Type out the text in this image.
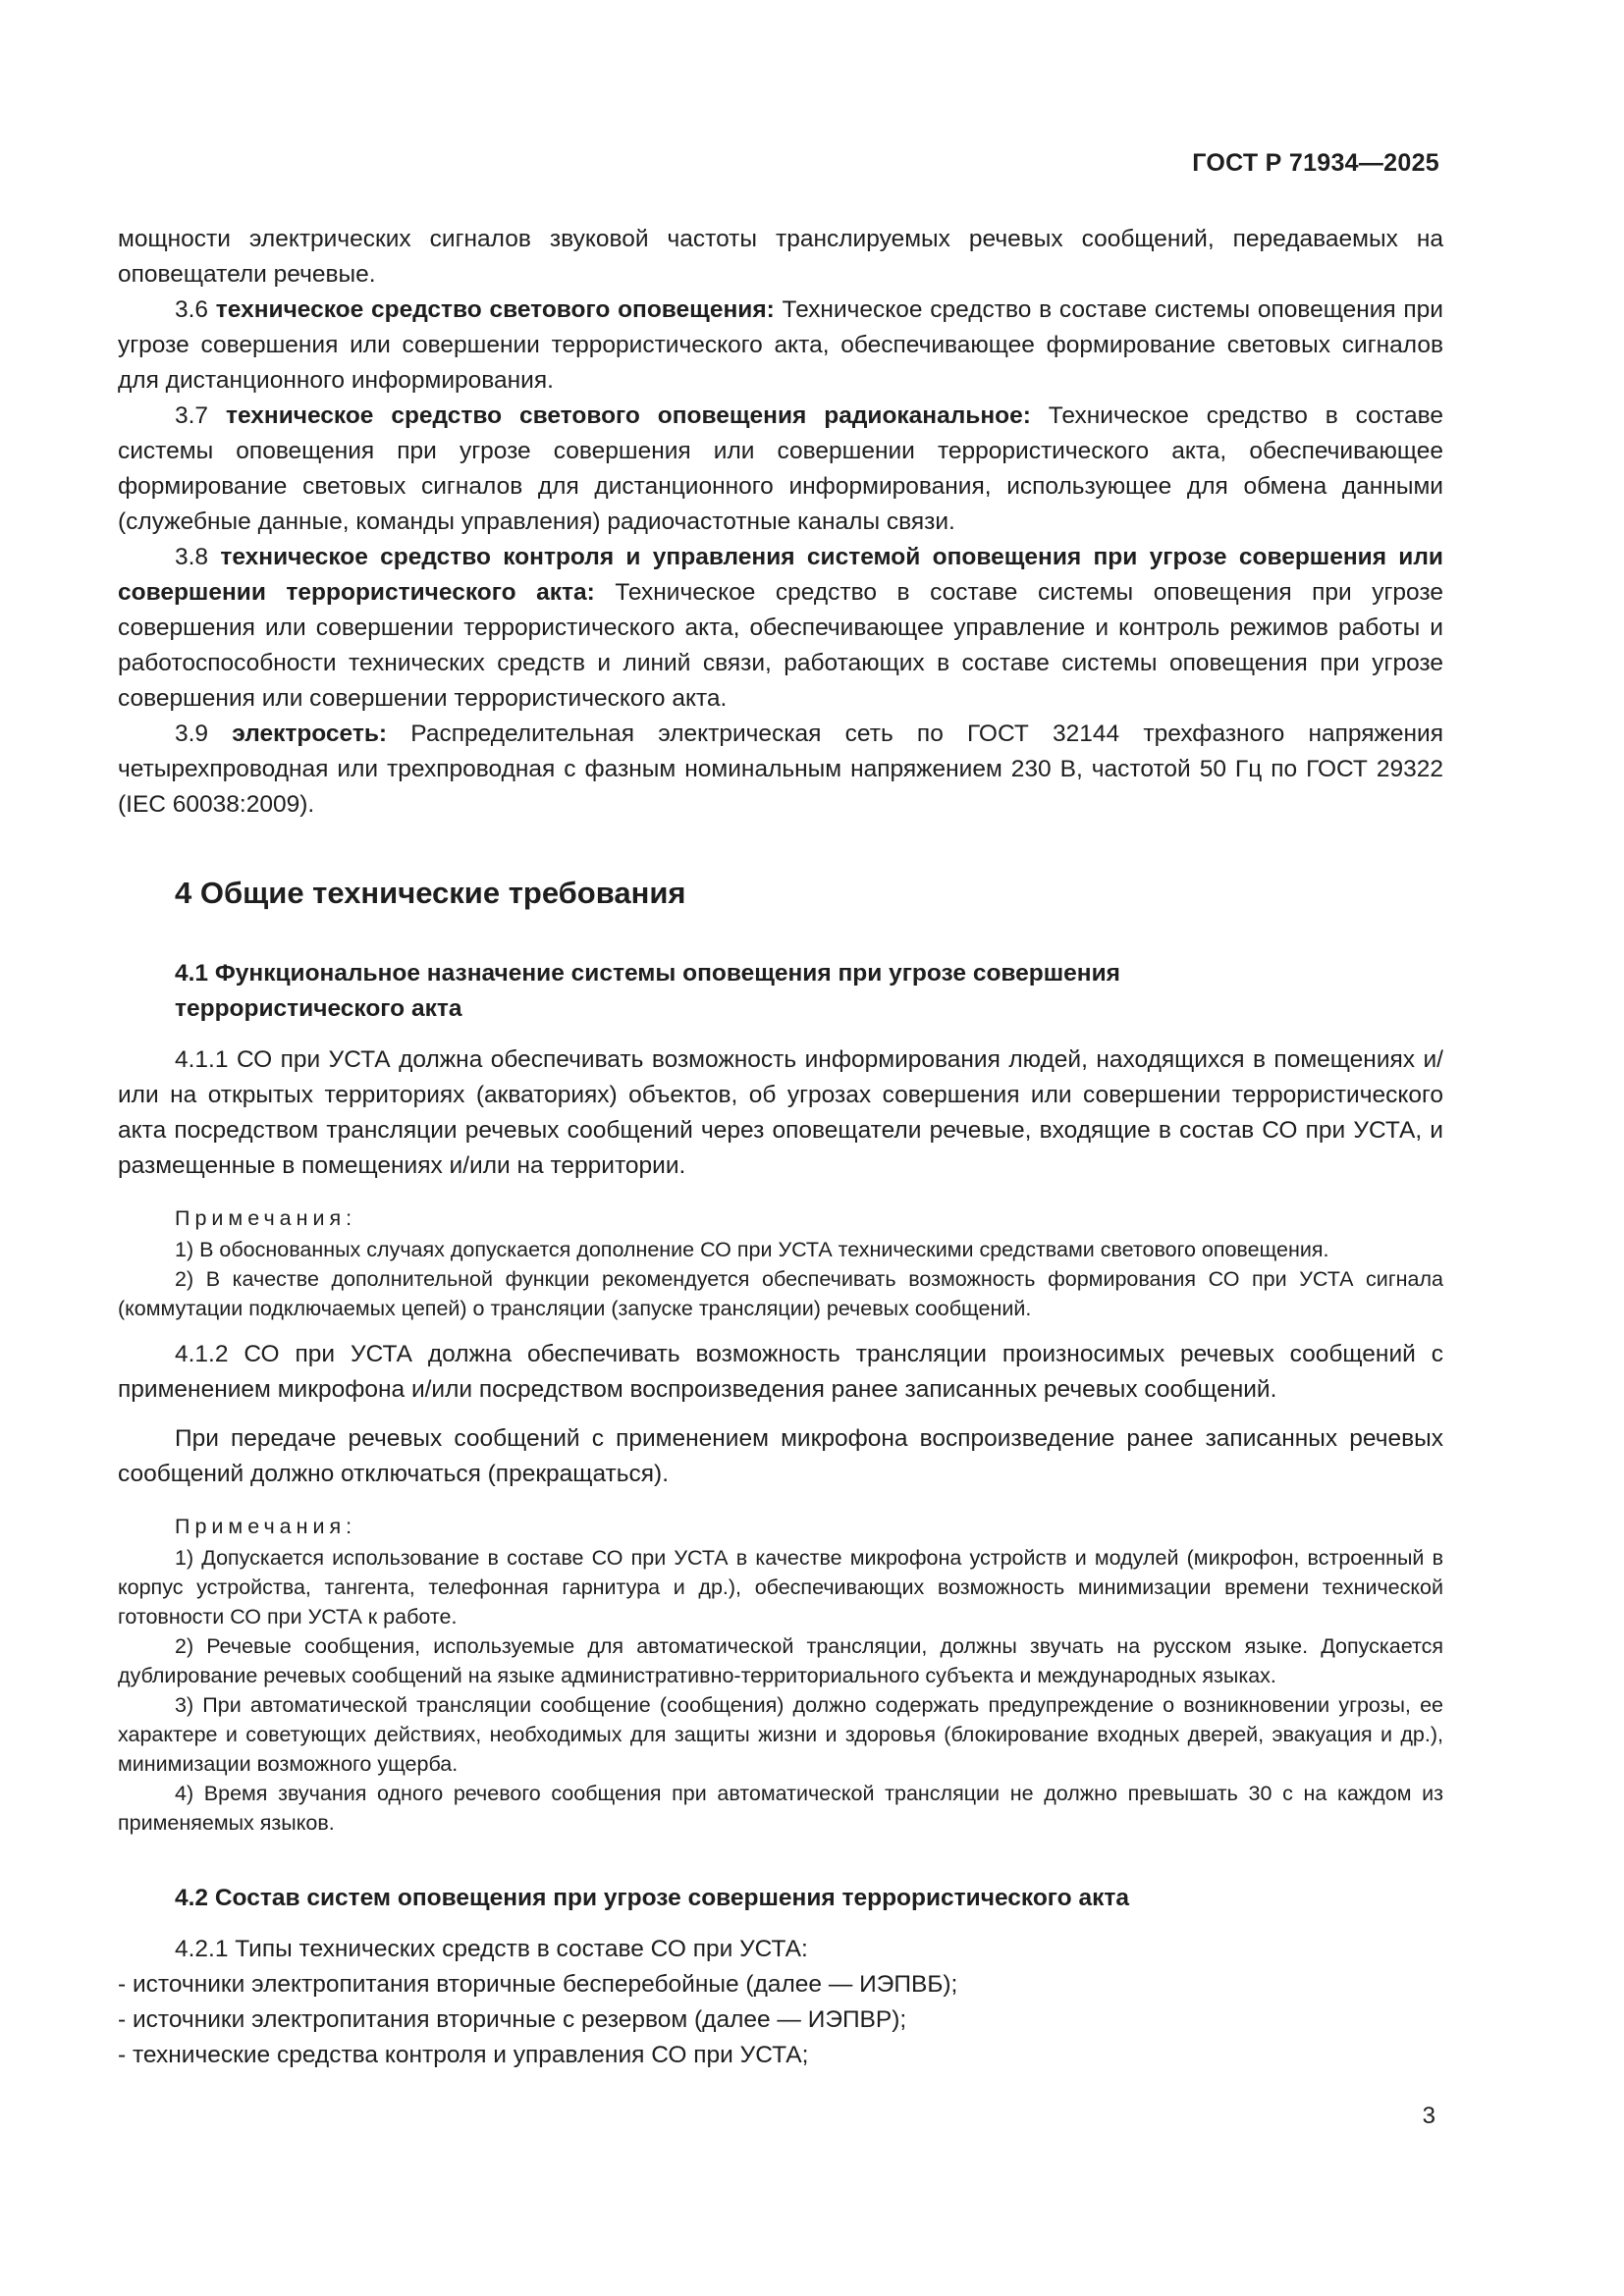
ГОСТ Р 71934—2025

мощности электрических сигналов звуковой частоты транслируемых речевых сообщений, передаваемых на оповещатели речевые.

3.6 техническое средство светового оповещения: Техническое средство в составе системы оповещения при угрозе совершения или совершении террористического акта, обеспечивающее формирование световых сигналов для дистанционного информирования.

3.7 техническое средство светового оповещения радиоканальное: Техническое средство в составе системы оповещения при угрозе совершения или совершении террористического акта, обеспечивающее формирование световых сигналов для дистанционного информирования, использующее для обмена данными (служебные данные, команды управления) радиочастотные каналы связи.

3.8 техническое средство контроля и управления системой оповещения при угрозе совершения или совершении террористического акта: Техническое средство в составе системы оповещения при угрозе совершения или совершении террористического акта, обеспечивающее управление и контроль режимов работы и работоспособности технических средств и линий связи, работающих в составе системы оповещения при угрозе совершения или совершении террористического акта.

3.9 электросеть: Распределительная электрическая сеть по ГОСТ 32144 трехфазного напряжения четырехпроводная или трехпроводная с фазным номинальным напряжением 230 В, частотой 50 Гц по ГОСТ 29322 (IEC 60038:2009).

4 Общие технические требования
4.1 Функциональное назначение системы оповещения при угрозе совершения
террористического акта

4.1.1 СО при УСТА должна обеспечивать возможность информирования людей, находящихся в помещениях и/или на открытых территориях (акваториях) объектов, об угрозах совершения или совершении террористического акта посредством трансляции речевых сообщений через оповещатели речевые, входящие в состав СО при УСТА, и размещенные в помещениях и/или на территории.

Примечания:

1) В обоснованных случаях допускается дополнение СО при УСТА техническими средствами светового оповещения.

2) В качестве дополнительной функции рекомендуется обеспечивать возможность формирования СО при УСТА сигнала (коммутации подключаемых цепей) о трансляции (запуске трансляции) речевых сообщений.

4.1.2 СО при УСТА должна обеспечивать возможность трансляции произносимых речевых сообщений с применением микрофона и/или посредством воспроизведения ранее записанных речевых сообщений.

При передаче речевых сообщений с применением микрофона воспроизведение ранее записанных речевых сообщений должно отключаться (прекращаться).

Примечания:

1) Допускается использование в составе СО при УСТА в качестве микрофона устройств и модулей (микрофон, встроенный в корпус устройства, тангента, телефонная гарнитура и др.), обеспечивающих возможность минимизации времени технической готовности СО при УСТА к работе.

2) Речевые сообщения, используемые для автоматической трансляции, должны звучать на русском языке. Допускается дублирование речевых сообщений на языке административно-территориального субъекта и международных языках.

3) При автоматической трансляции сообщение (сообщения) должно содержать предупреждение о возникновении угрозы, ее характере и советующих действиях, необходимых для защиты жизни и здоровья (блокирование входных дверей, эвакуация и др.), минимизации возможного ущерба.

4) Время звучания одного речевого сообщения при автоматической трансляции не должно превышать 30 с на каждом из применяемых языков.

4.2 Состав систем оповещения при угрозе совершения террористического акта

4.2.1 Типы технических средств в составе СО при УСТА:

- источники электропитания вторичные бесперебойные (далее — ИЭПВБ);

- источники электропитания вторичные с резервом (далее — ИЭПВР);

- технические средства контроля и управления СО при УСТА;

3
